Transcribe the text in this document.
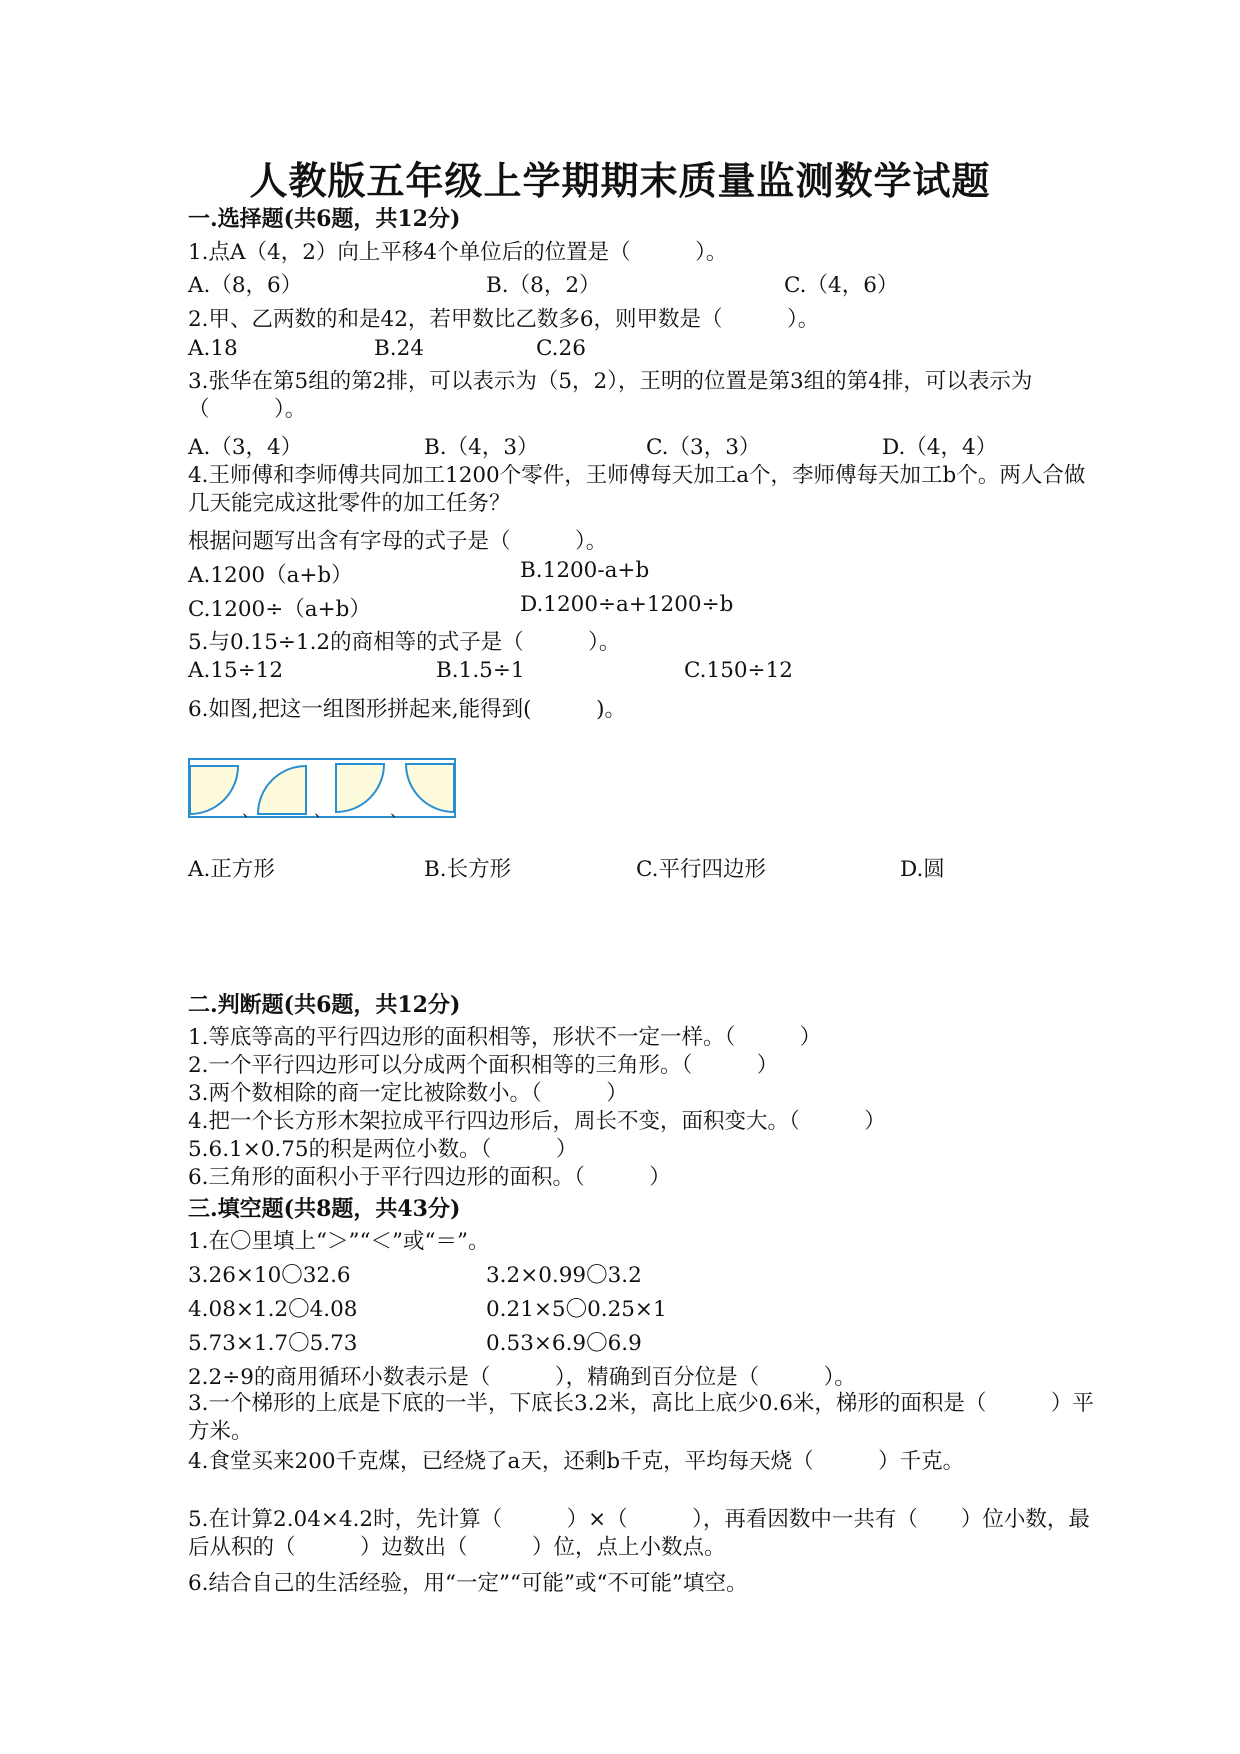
人教版五年级上学期期末质量监测数学试题
一.选择题(共6题，共12分)
1.点A（4，2）向上平移4个单位后的位置是（　　　）。
A.（8，6）	B.（8，2）	C.（4，6）
2.甲、乙两数的和是42，若甲数比乙数多6，则甲数是（　　　）。
A.18	B.24	C.26
3.张华在第5组的第2排，可以表示为（5，2），王明的位置是第3组的第4排，可以表示为（　　　）。
A.（3，4）	B.（4，3）	C.（3，3）	D.（4，4）
4.王师傅和李师傅共同加工1200个零件，王师傅每天加工a个，李师傅每天加工b个。两人合做几天能完成这批零件的加工任务？
根据问题写出含有字母的式子是（　　　）。
A.1200（a+b）	B.1200-a+b
C.1200÷（a+b）	D.1200÷a+1200÷b
5.与0.15÷1.2的商相等的式子是（　　　）。
A.15÷12	B.1.5÷1	C.150÷12
6.如图,把这一组图形拼起来,能得到(　　　)。
、	、	、
A.正方形	B.长方形	C.平行四边形	D.圆
二.判断题(共6题，共12分)
1.等底等高的平行四边形的面积相等，形状不一定一样。（　　　）
2.一个平行四边形可以分成两个面积相等的三角形。（　　　）
3.两个数相除的商一定比被除数小。（　　　）
4.把一个长方形木架拉成平行四边形后，周长不变，面积变大。（　　　）
5.6.1×0.75的积是两位小数。（　　　）
6.三角形的面积小于平行四边形的面积。（　　　）
三.填空题(共8题，共43分)
1.在〇里填上“＞”“＜”或“＝”。
3.26×10〇32.6	3.2×0.99〇3.2
4.08×1.2〇4.08	0.21×5〇0.25×1
5.73×1.7〇5.73	0.53×6.9〇6.9
2.2÷9的商用循环小数表示是（　　　），精确到百分位是（　　　）。
3.一个梯形的上底是下底的一半，下底长3.2米，高比上底少0.6米，梯形的面积是（　　　）平方米。
4.食堂买来200千克煤，已经烧了a天，还剩b千克，平均每天烧（　　　）千克。
5.在计算2.04×4.2时，先计算（　　　）×（　　　），再看因数中一共有（　　）位小数，最后从积的（　　　）边数出（　　　）位，点上小数点。
6.结合自己的生活经验，用“一定”“可能”或“不可能”填空。
